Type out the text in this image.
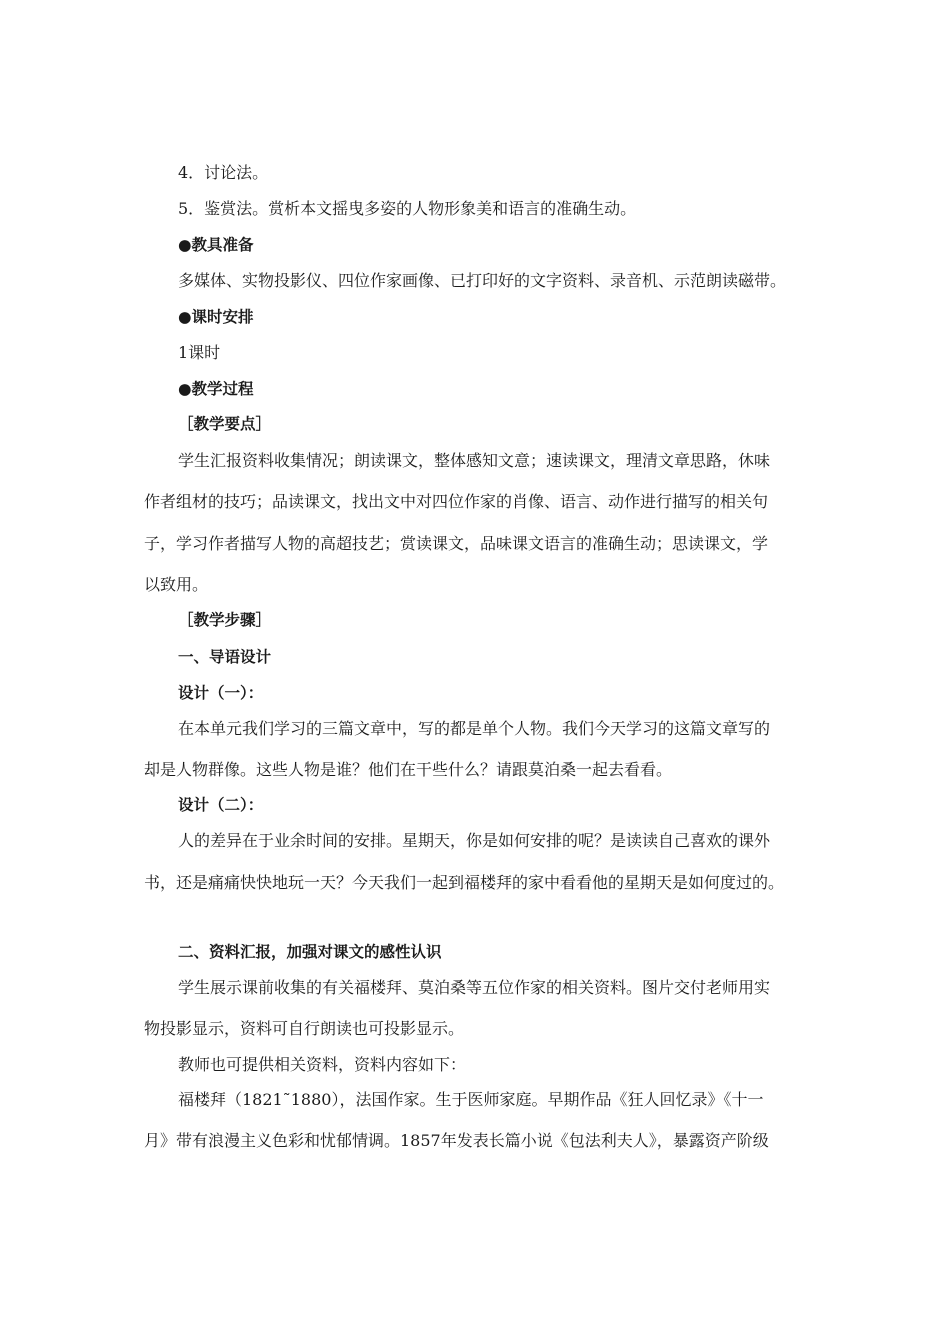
4．讨论法。
5．鉴赏法。赏析本文摇曳多姿的人物形象美和语言的准确生动。
●教具准备
多媒体、实物投影仪、四位作家画像、已打印好的文字资料、录音机、示范朗读磁带。
●课时安排
1课时
●教学过程
［教学要点］
学生汇报资料收集情况；朗读课文，整体感知文意；速读课文，理清文章思路，休味
作者组材的技巧；品读课文，找出文中对四位作家的肖像、语言、动作进行描写的相关句
子，学习作者描写人物的高超技艺；赏读课文，品味课文语言的准确生动；思读课文，学
以致用。
［教学步骤］
一、导语设计
设计（一）：
在本单元我们学习的三篇文章中，写的都是单个人物。我们今天学习的这篇文章写的
却是人物群像。这些人物是谁？他们在干些什么？请跟莫泊桑一起去看看。
设计（二）：
人的差异在于业余时间的安排。星期天，你是如何安排的呢？是读读自己喜欢的课外
书，还是痛痛快快地玩一天？今天我们一起到福楼拜的家中看看他的星期天是如何度过的。
二、资料汇报，加强对课文的感性认识
学生展示课前收集的有关福楼拜、莫泊桑等五位作家的相关资料。图片交付老师用实
物投影显示，资料可自行朗读也可投影显示。
教师也可提供相关资料，资料内容如下：
福楼拜（1821˜1880），法国作家。生于医师家庭。早期作品《狂人回忆录》《十一
月》带有浪漫主义色彩和忧郁情调。1857年发表长篇小说《包法利夫人》，暴露资产阶级
